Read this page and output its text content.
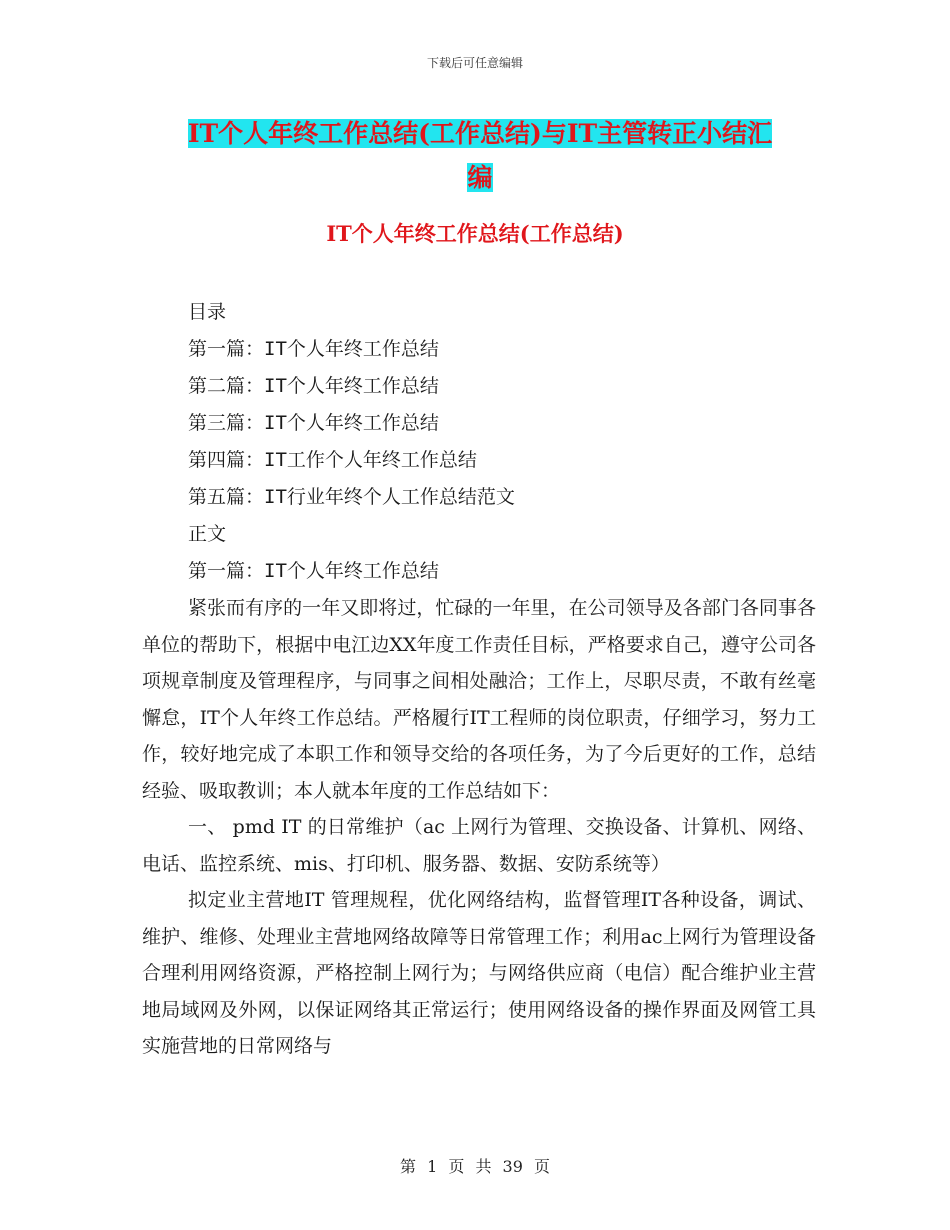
下载后可任意编辑
IT个人年终工作总结(工作总结)与IT主管转正小结汇
编
IT个人年终工作总结(工作总结)
目录
第一篇：IT个人年终工作总结
第二篇：IT个人年终工作总结
第三篇：IT个人年终工作总结
第四篇：IT工作个人年终工作总结
第五篇：IT行业年终个人工作总结范文
正文
第一篇：IT个人年终工作总结

紧张而有序的一年又即将过，忙碌的一年里，在公司领导及各部门各同事各单位的帮助下，根据中电江边XX年度工作责任目标，严格要求自己，遵守公司各项规章制度及管理程序，与同事之间相处融洽；工作上，尽职尽责，不敢有丝毫懈怠，IT个人年终工作总结。严格履行IT工程师的岗位职责，仔细学习，努力工作，较好地完成了本职工作和领导交给的各项任务，为了今后更好的工作，总结经验、吸取教训；本人就本年度的工作总结如下：

一、 pmd IT 的日常维护（ac 上网行为管理、交换设备、计算机、网络、电话、监控系统、mis、打印机、服务器、数据、安防系统等）

拟定业主营地IT 管理规程，优化网络结构，监督管理IT各种设备，调试、维护、维修、处理业主营地网络故障等日常管理工作；利用ac上网行为管理设备合理利用网络资源，严格控制上网行为；与网络供应商（电信）配合维护业主营地局域网及外网，以保证网络其正常运行；使用网络设备的操作界面及网管工具实施营地的日常网络与

第 1 页 共 39 页
